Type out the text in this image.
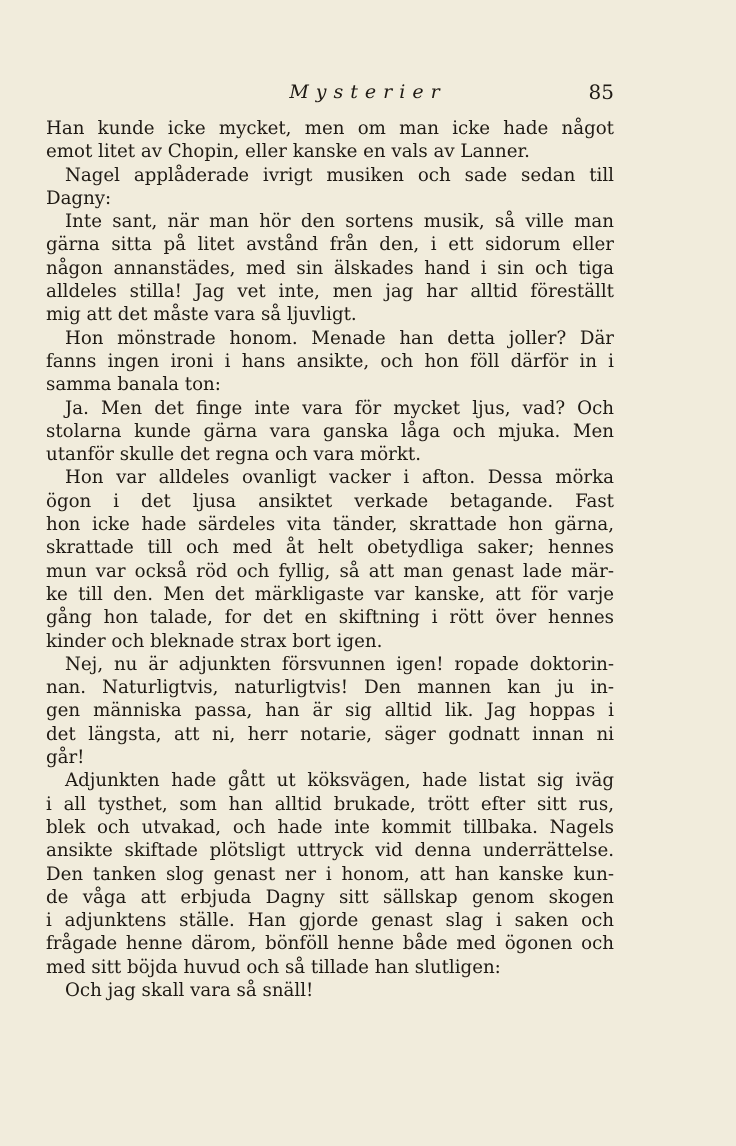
Mysterier	85
Han kunde icke mycket, men om man icke hade något
emot litet av Chopin, eller kanske en vals av Lanner.
Nagel applåderade ivrigt musiken och sade sedan till
Dagny:
Inte sant, när man hör den sortens musik, så ville man
gärna sitta på litet avstånd från den, i ett sidorum eller
någon annanstädes, med sin älskades hand i sin och tiga
alldeles stilla! Jag vet inte, men jag har alltid föreställt
mig att det måste vara så ljuvligt.
Hon mönstrade honom. Menade han detta joller? Där
fanns ingen ironi i hans ansikte, och hon föll därför in i
samma banala ton:
Ja. Men det finge inte vara för mycket ljus, vad? Och
stolarna kunde gärna vara ganska låga och mjuka. Men
utanför skulle det regna och vara mörkt.
Hon var alldeles ovanligt vacker i afton. Dessa mörka
ögon i det ljusa ansiktet verkade betagande. Fast
hon icke hade särdeles vita tänder, skrattade hon gärna,
skrattade till och med åt helt obetydliga saker; hennes
mun var också röd och fyllig, så att man genast lade mär-
ke till den. Men det märkligaste var kanske, att för varje
gång hon talade, for det en skiftning i rött över hennes
kinder och bleknade strax bort igen.
Nej, nu är adjunkten försvunnen igen! ropade doktorin-
nan. Naturligtvis, naturligtvis! Den mannen kan ju in-
gen människa passa, han är sig alltid lik. Jag hoppas i
det längsta, att ni, herr notarie, säger godnatt innan ni
går!
Adjunkten hade gått ut köksvägen, hade listat sig iväg
i all tysthet, som han alltid brukade, trött efter sitt rus,
blek och utvakad, och hade inte kommit tillbaka. Nagels
ansikte skiftade plötsligt uttryck vid denna underrättelse.
Den tanken slog genast ner i honom, att han kanske kun-
de våga att erbjuda Dagny sitt sällskap genom skogen
i adjunktens ställe. Han gjorde genast slag i saken och
frågade henne därom, bönföll henne både med ögonen och
med sitt böjda huvud och så tillade han slutligen:
Och jag skall vara så snäll!
